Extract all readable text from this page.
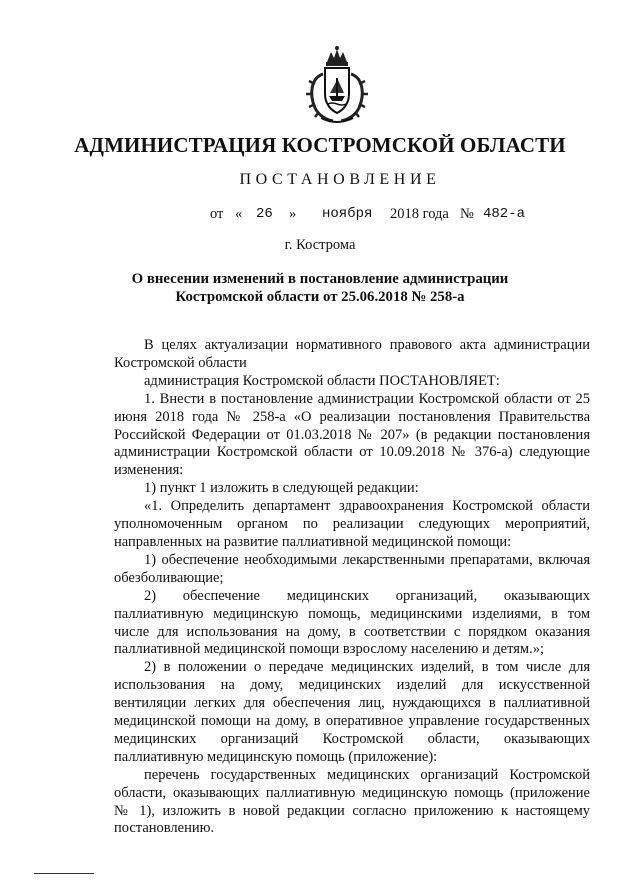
АДМИНИСТРАЦИЯ КОСТРОМСКОЙ ОБЛАСТИ
ПОСТАНОВЛЕНИЕ
от « 26 » ноября 2018 года № 482-а
г. Кострома
О внесении изменений в постановление администрации
Костромской области от 25.06.2018 № 258-а

В целях актуализации нормативного правового акта администрации Костромской области

администрация Костромской области ПОСТАНОВЛЯЕТ:

1. Внести в постановление администрации Костромской области от 25 июня 2018 года № 258-а «О реализации постановления Правительства Российской Федерации от 01.03.2018 № 207» (в редакции постановления администрации Костромской области от 10.09.2018 № 376-а) следующие изменения:

1) пункт 1 изложить в следующей редакции:

«1. Определить департамент здравоохранения Костромской области уполномоченным органом по реализации следующих мероприятий, направленных на развитие паллиативной медицинской помощи:

1) обеспечение необходимыми лекарственными препаратами, включая обезболивающие;

2) обеспечение медицинских организаций, оказывающих паллиативную медицинскую помощь, медицинскими изделиями, в том числе для использования на дому, в соответствии с порядком оказания паллиативной медицинской помощи взрослому населению и детям.»;

2) в положении о передаче медицинских изделий, в том числе для использования на дому, медицинских изделий для искусственной вентиляции легких для обеспечения лиц, нуждающихся в паллиативной медицинской помощи на дому, в оперативное управление государственных медицинских организаций Костромской области, оказывающих паллиативную медицинскую помощь (приложение):

перечень государственных медицинских организаций Костромской области, оказывающих паллиативную медицинскую помощь (приложение № 1), изложить в новой редакции согласно приложению к настоящему постановлению.
